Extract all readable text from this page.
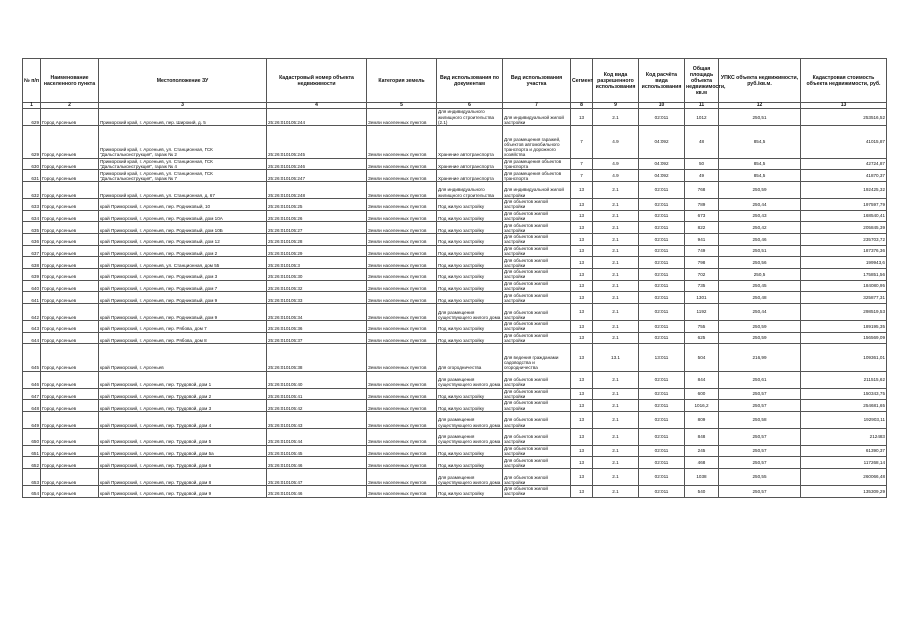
№ п/п	Наименование населенного пункта	Местоположение ЗУ	Кадастровый номер объекта недвижимости	Категория земель	Вид использования по документам	Вид использования участка	Сегмент	Код вида разрешенного использования	Код расчёта вида использования	Общая площадь объекта недвижимости, кв.м	УПКС объекта недвижимости, руб./кв.м.	Кадастровая стоимость объекта недвижимости, руб.
1	2	3	4	5	6	7	8	9	10	11	12	13
629	Город Арсеньев	Приморский край, г. Арсеньев, пер. Широкий, д. 5	25:26:010105:244	Земли населенных пунктов	Для индивидуального жилищного строительства (2.1)	Для индивидуальной жилой застройки	13	2.1	02:011	1012	250,51	253516,52
629	Город Арсеньев	Приморский край, г. Арсеньев, ул. Станционная, ГСК "Дальстальконструкция", гараж № 2	25:26:010105:245	Земли населенных пунктов	Хранение автотранспорта	Для размещения гаражей, объектов автомобильного транспорта и дорожного хозяйства	7	4.9	04:092	48	854,5	41015,87
630	Город Арсеньев	Приморский край, г. Арсеньев, ул. Станционная, ГСК "Дальстальконструкция", гараж № 4	25:26:010105:246	Земли населенных пунктов	Хранение автотранспорта	Для размещения объектов транспорта	7	4.9	04:092	50	854,5	42724,87
631	Город Арсеньев	Приморский край, г. Арсеньев, ул. Станционная, ГСК "Дальстальконструкция", гараж № 7	25:26:010105:247	Земли населенных пунктов	Хранение автотранспорта	Для размещения объектов транспорта	7	4.9	04:092	49	854,5	41870,37
632	Город Арсеньев	Приморский край, г. Арсеньев, ул. Станционная, д. 67	25:26:010105:248	Земли населенных пунктов	Для индивидуального жилищного строительства	Для индивидуальной жилой застройки	13	2.1	02:011	768	250,59	192425,32
633	Город Арсеньев	край Приморский, г. Арсеньев, пер. Родниковый, 10	25:26:010105:25	Земли населенных пунктов	Под жилую застройку	Для объектов жилой застройки	13	2.1	02:011	789	250,44	197597,79
634	Город Арсеньев	край Приморский, г. Арсеньев, пер. Родниковый, дом 10А	25:26:010105:26	Земли населенных пунктов	Под жилую застройку	Для объектов жилой застройки	13	2.1	02:011	673	250,43	168540,41
635	Город Арсеньев	край Приморский, г. Арсеньев, пер. Родниковый, дом 10Б	25:26:010105:27	Земли населенных пунктов	Под жилую застройку	Для объектов жилой застройки	13	2.1	02:011	822	250,42	205845,39
636	Город Арсеньев	край Приморский, г. Арсеньев, пер. Родниковый, дом 12	25:26:010105:28	Земли населенных пунктов	Под жилую застройку	Для объектов жилой застройки	13	2.1	02:011	941	250,46	235703,72
637	Город Арсеньев	край Приморский, г. Арсеньев, пер. Родниковый, дом 2	25:26:010105:29	Земли населенных пунктов	Под жилую застройку	Для объектов жилой застройки	13	2.1	02:011	749	250,51	187376,36
638	Город Арсеньев	край Приморский, г. Арсеньев, ул. Станционная, дом 55	25:26:010105:3	Земли населенных пунктов	Под жилую застройку	Для объектов жилой застройки	13	2.1	02:011	798	250,56	199943,6
639	Город Арсеньев	край Приморский, г. Арсеньев, пер. Родниковый, дом 3	25:26:010105:30	Земли населенных пунктов	Под жилую застройку	Для объектов жилой застройки	13	2.1	02:011	702	250,5	175851,56
640	Город Арсеньев	край Приморский, г. Арсеньев, пер. Родниковый, дом 7	25:26:010105:32	Земли населенных пунктов	Под жилую застройку	Для объектов жилой застройки	13	2.1	02:011	735	250,45	184080,95
641	Город Арсеньев	край Приморский, г. Арсеньев, пер. Родниковый, дом 9	25:26:010105:33	Земли населенных пунктов	Под жилую застройку	Для объектов жилой застройки	13	2.1	02:011	1301	250,48	325877,31
642	Город Арсеньев	край Приморский, г. Арсеньев, пер. Родниковый, дом 9	25:26:010105:34	Земли населенных пунктов	Для размещения существующего жилого дома	Для объектов жилой застройки	13	2.1	02:011	1192	250,44	298519,53
643	Город Арсеньев	край Приморский, г. Арсеньев, пер. Рябова, дом 7	25:26:010105:36	Земли населенных пунктов	Под жилую застройку	Для объектов жилой застройки	13	2.1	02:011	755	250,59	189195,35
644	Город Арсеньев	край Приморский, г. Арсеньев, пер. Рябова, дом 8	25:26:010105:37	Земли населенных пунктов	Под жилую застройку	Для объектов жилой застройки	13	2.1	02:011	625	250,59	156569,09
645	Город Арсеньев	край Приморский, г. Арсеньев	25:26:010105:38	Земли населенных пунктов	Для огородничества	Для ведения гражданами садоводства и огородничества	13	13.1	13:011	504	216,99	109361,01
646	Город Арсеньев	край Приморский, г. Арсеньев, пер. Трудовой, дом 1	25:26:010105:40	Земли населенных пунктов	Для размещения существующего жилого дома	Для объектов жилой застройки	13	2.1	02:011	844	250,61	211515,62
647	Город Арсеньев	край Приморский, г. Арсеньев, пер. Трудовой, дом 2	25:26:010105:41	Земли населенных пунктов	Под жилую застройку	Для объектов жилой застройки	13	2.1	02:011	600	250,57	150343,75
648	Город Арсеньев	край Приморский, г. Арсеньев, пер. Трудовой, дом 3	25:26:010105:42	Земли населенных пунктов	Под жилую застройку	Для объектов жилой застройки	13	2.1	02:011	1016,2	250,57	254681,65
649	Город Арсеньев	край Приморский, г. Арсеньев, пер. Трудовой, дом 4	25:26:010105:43	Земли населенных пунктов	Для размещения существующего жилого дома	Для объектов жилой застройки	13	2.1	02:011	809	250,58	192903,11
650	Город Арсеньев	край Приморский, г. Арсеньев, пер. Трудовой, дом 5	25:26:010105:44	Земли населенных пунктов	Для размещения существующего жилого дома	Для объектов жилой застройки	13	2.1	02:011	848	250,57	212483
651	Город Арсеньев	край Приморский, г. Арсеньев, пер. Трудовой, дом 5а	25:26:010105:45	Земли населенных пунктов	Под жилую застройку	Для объектов жилой застройки	13	2.1	02:011	245	250,57	61390,37
652	Город Арсеньев	край Приморский, г. Арсеньев, пер. Трудовой, дом 6	25:26:010105:46	Земли населенных пунктов	Под жилую застройку	Для объектов жилой застройки	13	2.1	02:011	468	250,57	117268,14
653	Город Арсеньев	край Приморский, г. Арсеньев, пер. Трудовой, дом 8	25:26:010105:47	Земли населенных пунктов	Для размещения существующего жилого дома	Для объектов жилой застройки	13	2.1	02:011	1038	250,55	260066,48
654	Город Арсеньев	край Приморский, г. Арсеньев, пер. Трудовой, дом 9	25:26:010105:46	Земли населенных пунктов	Под жилую застройку	Для объектов жилой застройки	13	2.1	02:011	540	250,57	135309,29
